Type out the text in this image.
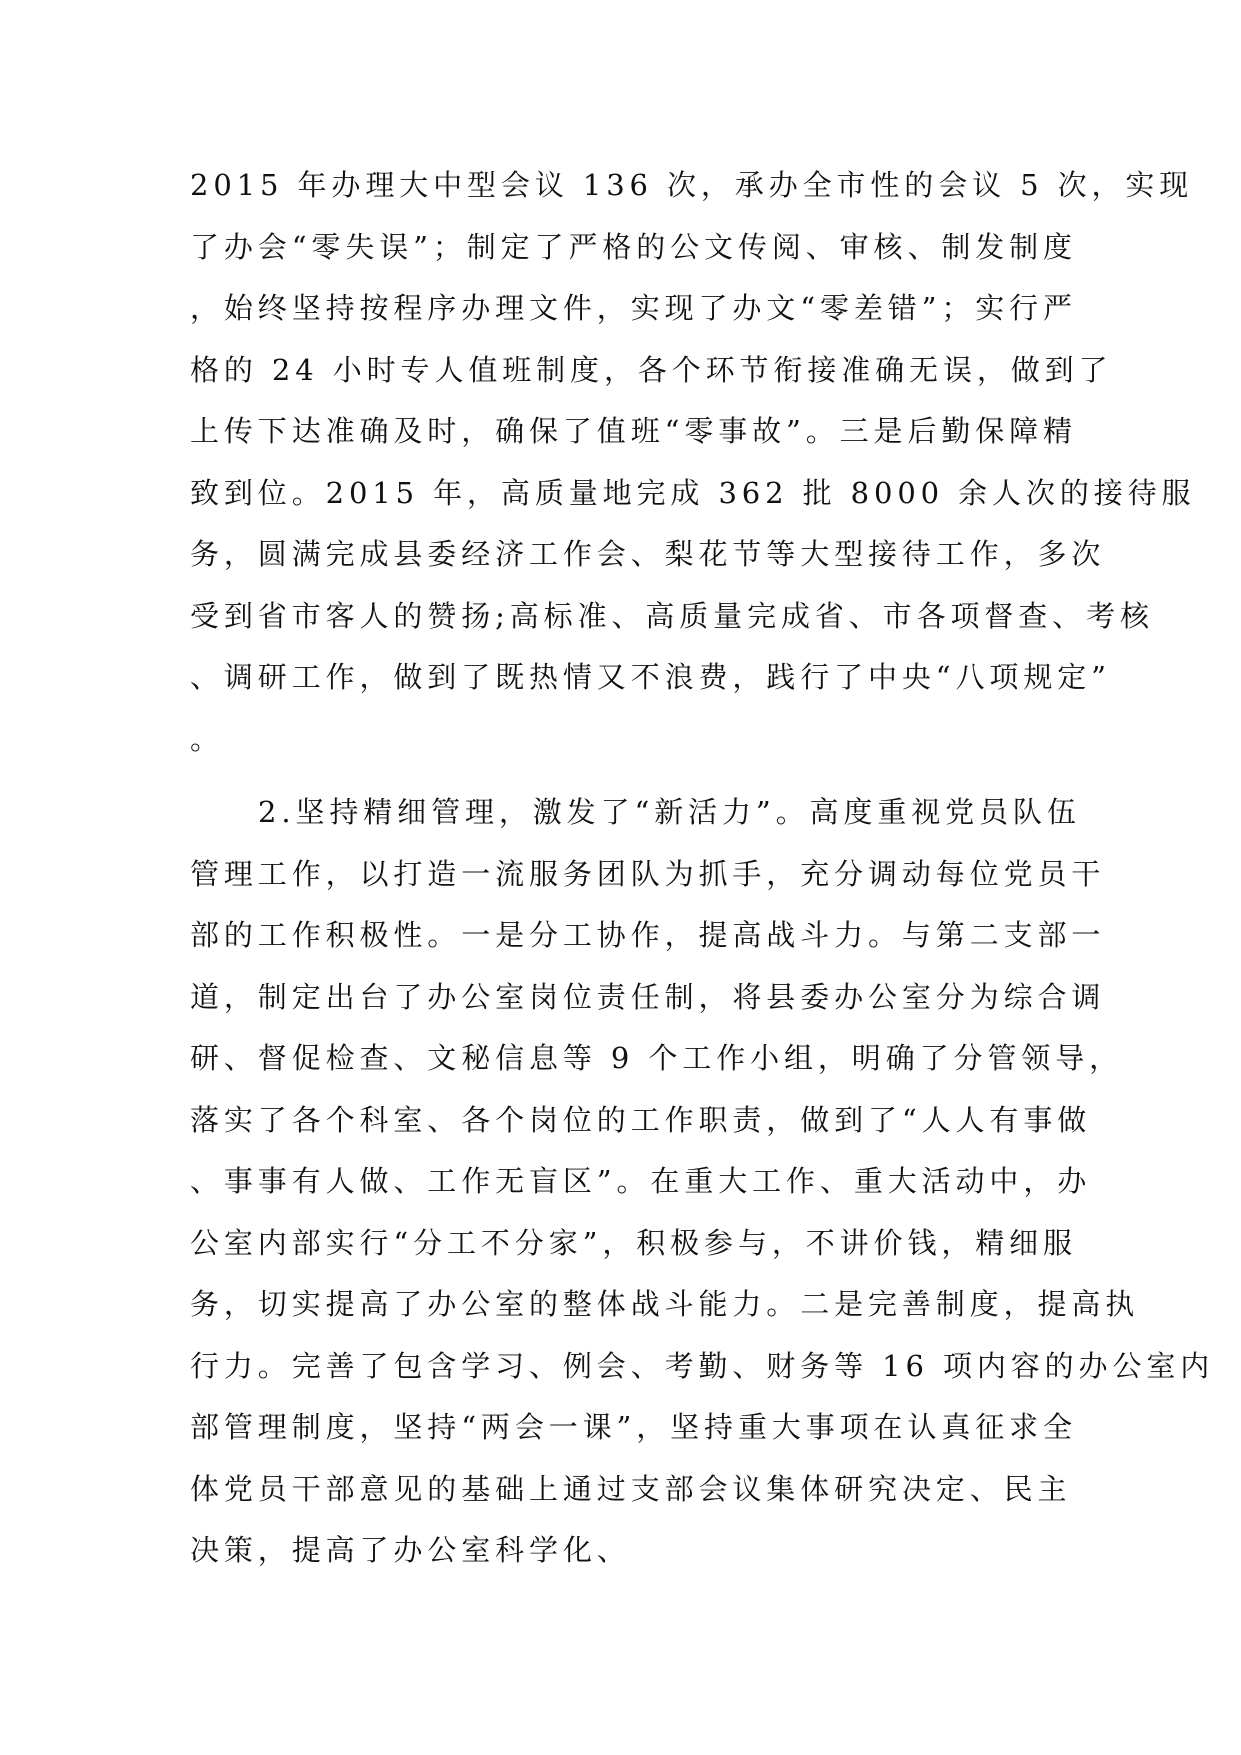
2015 年办理大中型会议 136 次，承办全市性的会议 5 次，实现
了办会“零失误”；制定了严格的公文传阅、审核、制发制度
，始终坚持按程序办理文件，实现了办文“零差错”；实行严
格的 24 小时专人值班制度，各个环节衔接准确无误，做到了
上传下达准确及时，确保了值班“零事故”。三是后勤保障精
致到位。2015 年，高质量地完成 362 批 8000 余人次的接待服
务，圆满完成县委经济工作会、梨花节等大型接待工作，多次
受到省市客人的赞扬;高标准、高质量完成省、市各项督查、考核
、调研工作，做到了既热情又不浪费，践行了中央“八项规定”
。
2.坚持精细管理，激发了“新活力”。高度重视党员队伍
管理工作，以打造一流服务团队为抓手，充分调动每位党员干
部的工作积极性。一是分工协作，提高战斗力。与第二支部一
道，制定出台了办公室岗位责任制，将县委办公室分为综合调
研、督促检查、文秘信息等 9 个工作小组，明确了分管领导，
落实了各个科室、各个岗位的工作职责，做到了“人人有事做
、事事有人做、工作无盲区”。在重大工作、重大活动中，办
公室内部实行“分工不分家”，积极参与，不讲价钱，精细服
务，切实提高了办公室的整体战斗能力。二是完善制度，提高执
行力。完善了包含学习、例会、考勤、财务等 16 项内容的办公室内
部管理制度，坚持“两会一课”，坚持重大事项在认真征求全
体党员干部意见的基础上通过支部会议集体研究决定、民主
决策，提高了办公室科学化、
